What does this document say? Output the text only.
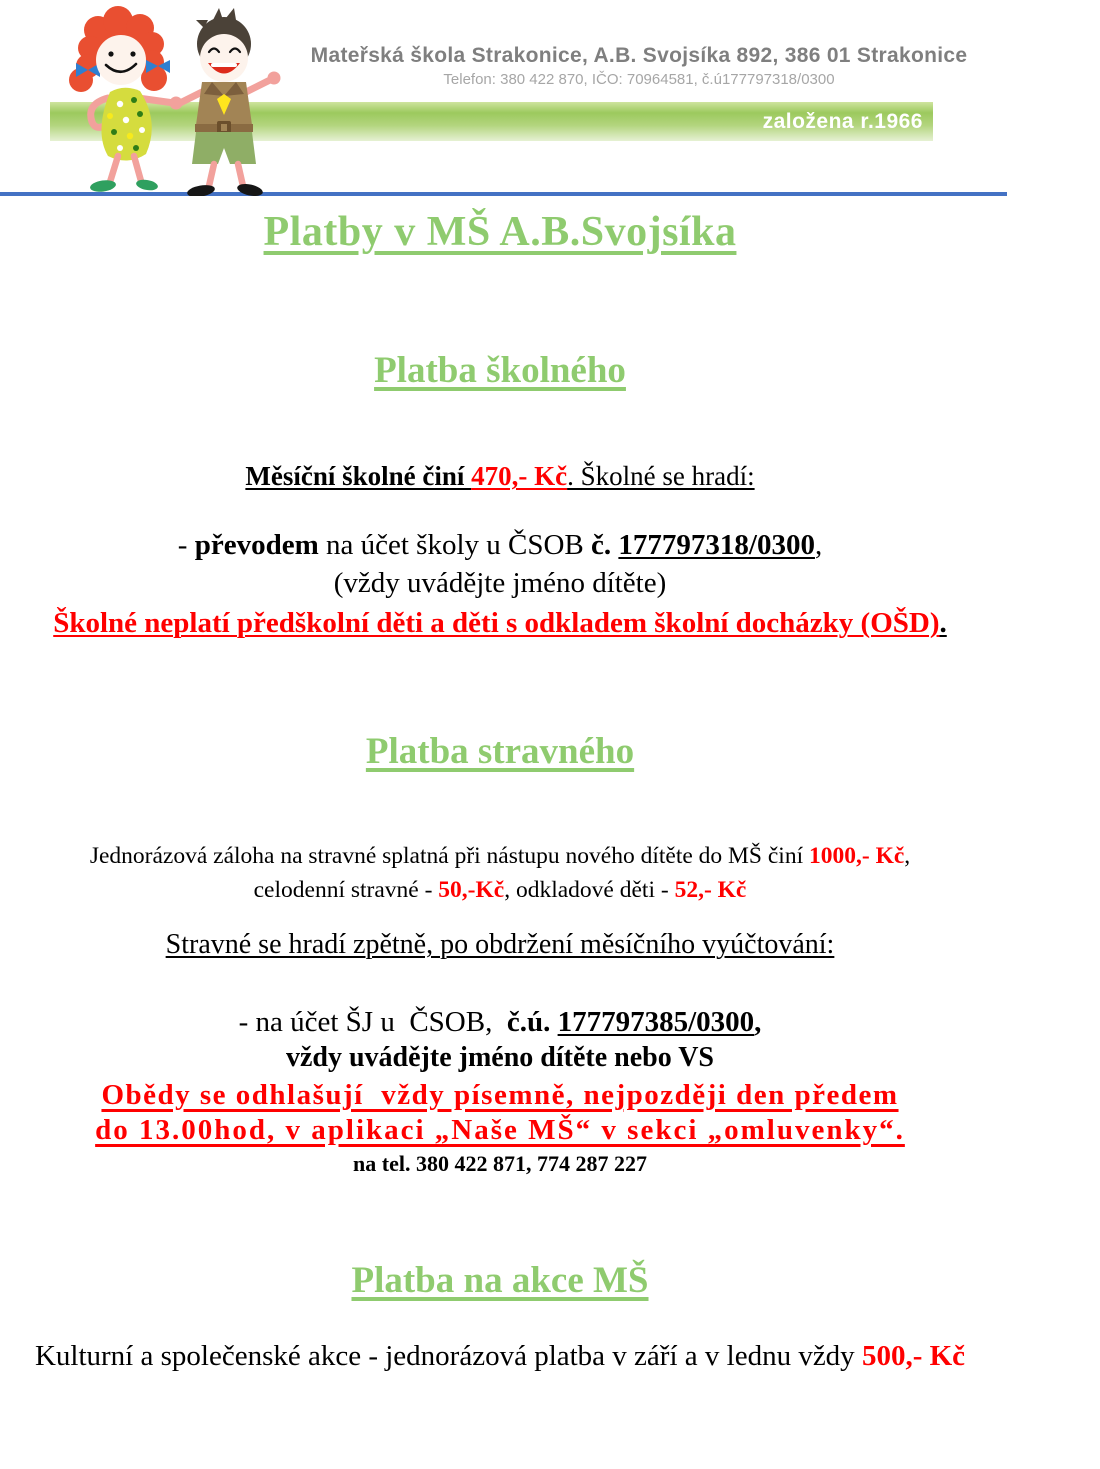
založena r.1966
Mateřská škola Strakonice, A.B. Svojsíka 892, 386 01 Strakonice
Telefon: 380 422 870, IČO: 70964581, č.ú177797318/0300
Platby v MŠ A.B.Svojsíka
Platba školného
Měsíční školné činí 470,- Kč. Školné se hradí:
- převodem na účet školy u ČSOB č. 177797318/0300,
(vždy uvádějte jméno dítěte)
Školné neplatí předškolní děti a děti s odkladem školní docházky (OŠD).
Platba stravného
Jednorázová záloha na stravné splatná při nástupu nového dítěte do MŠ činí 1000,- Kč,
celodenní stravné - 50,-Kč, odkladové děti - 52,- Kč
Stravné se hradí zpětně, po obdržení měsíčního vyúčtování:
- na účet ŠJ u  ČSOB,  č.ú. 177797385/0300,
vždy uvádějte jméno dítěte nebo VS
Obědy se odhlašují  vždy písemně, nejpozději den předem
do 13.00hod, v aplikaci „Naše MŠ“ v sekci „omluvenky“.
na tel. 380 422 871, 774 287 227
Platba na akce MŠ
Kulturní a společenské akce - jednorázová platba v září a v lednu vždy 500,- Kč
